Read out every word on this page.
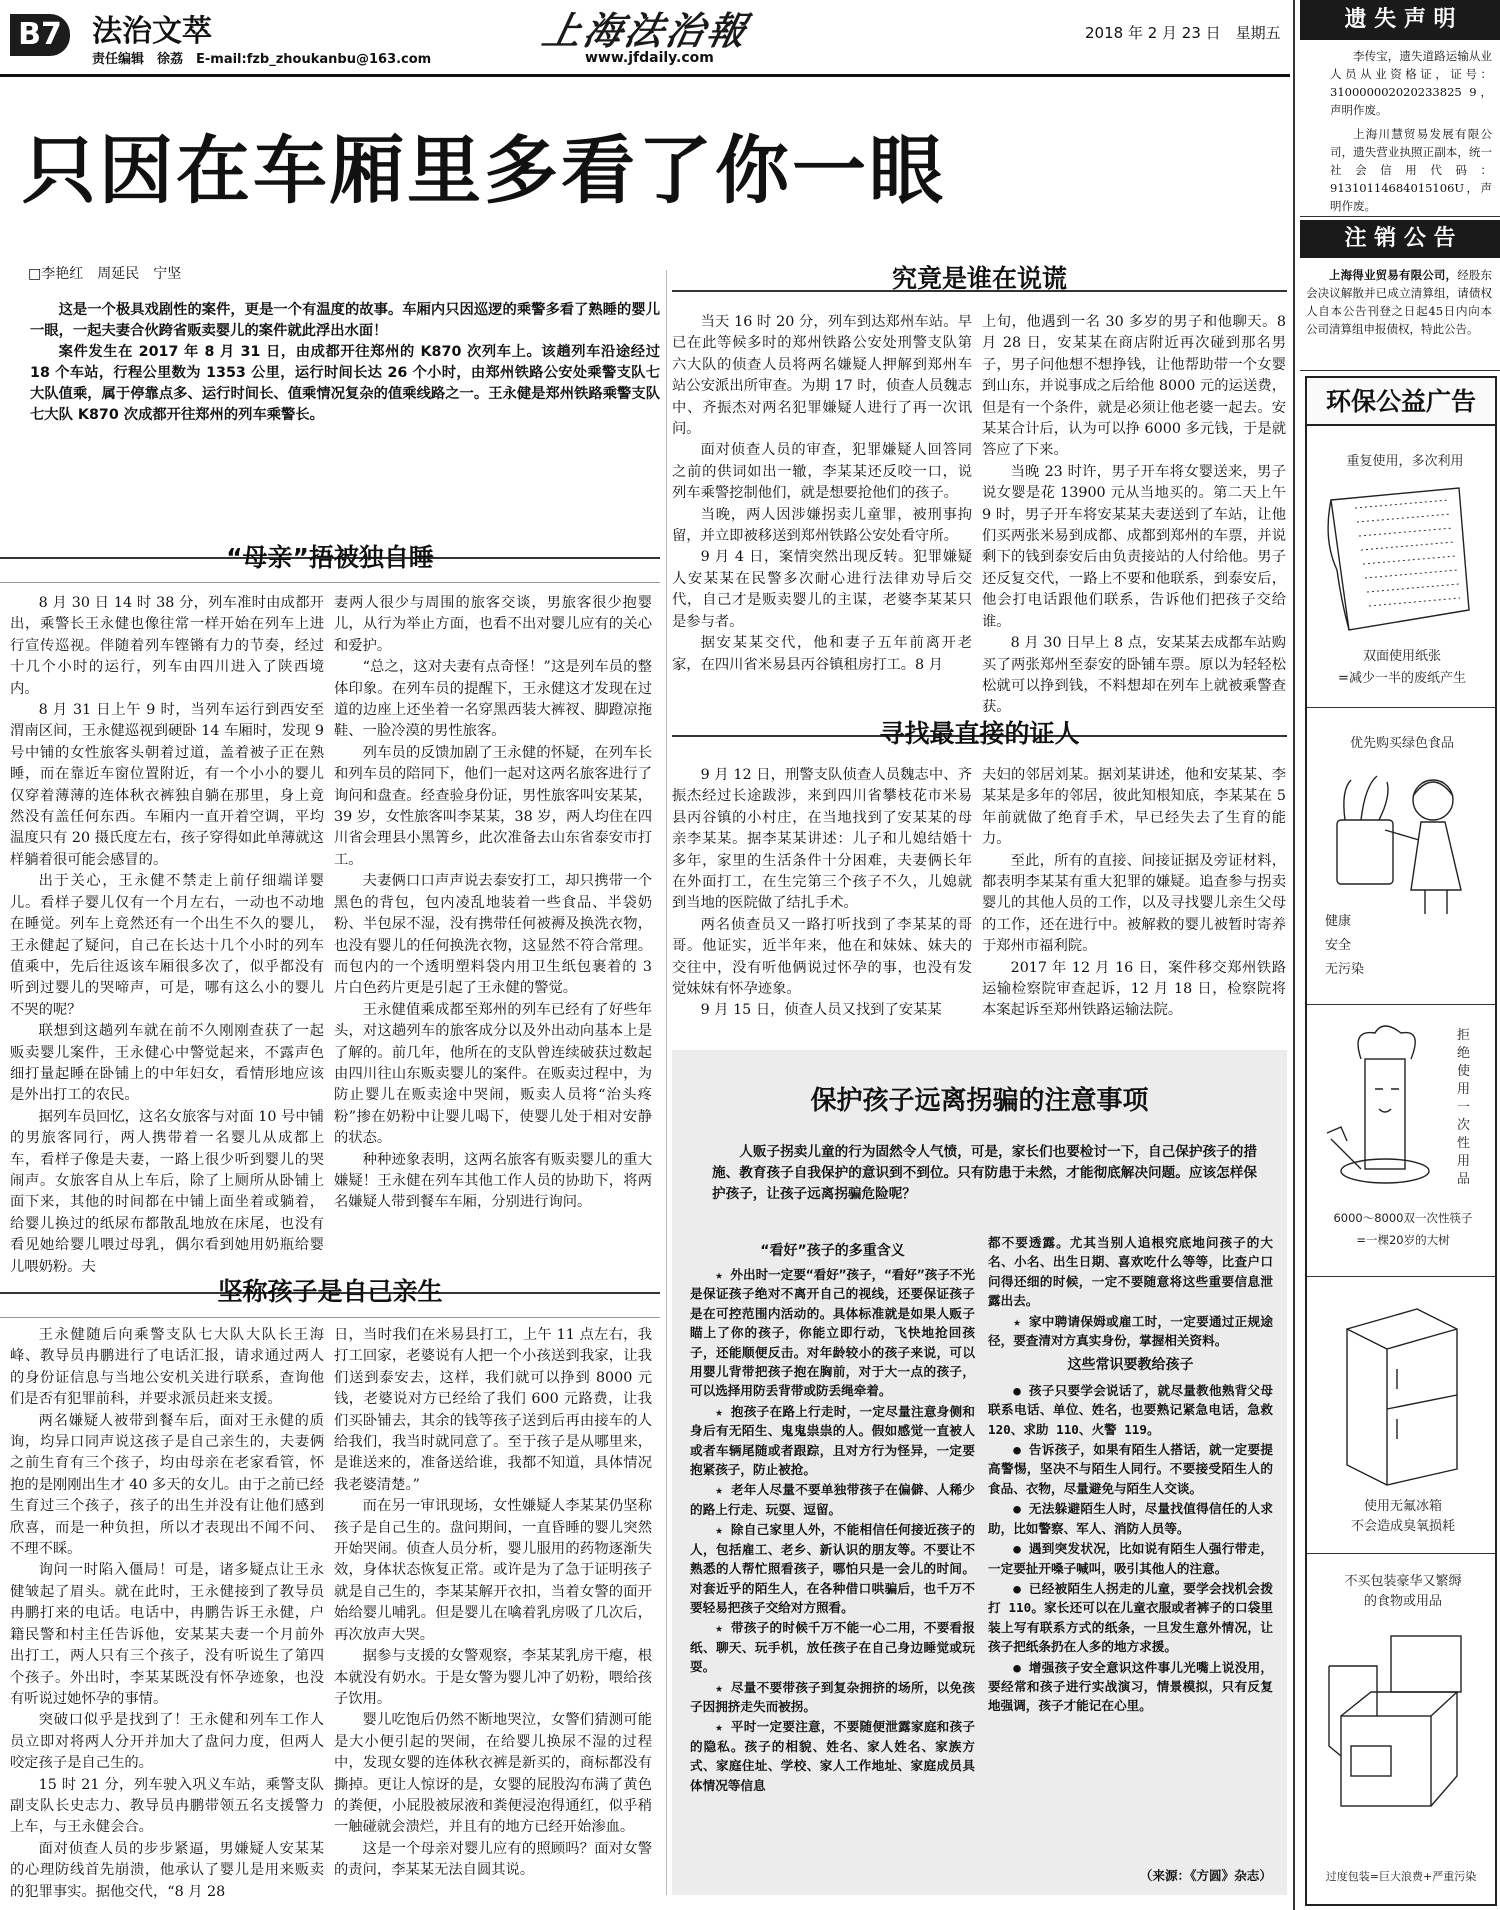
B7 法治文萃
责任编辑　徐荔　E-mail:fzb_zhoukanbu@163.com
上海法治報
www.jfdaily.com
2018 年 2 月 23 日　星期五
只因在车厢里多看了你一眼
□李艳红　周延民　宁坚

这是一个极具戏剧性的案件，更是一个有温度的故事。车厢内只因巡逻的乘警多看了熟睡的婴儿一眼，一起夫妻合伙跨省贩卖婴儿的案件就此浮出水面！

案件发生在 2017 年 8 月 31 日，由成都开往郑州的 K870 次列车上。该趟列车沿途经过 18 个车站，行程公里数为 1353 公里，运行时间长达 26 个小时，由郑州铁路公安处乘警支队七大队值乘，属于停靠点多、运行时间长、值乘情况复杂的值乘线路之一。王永健是郑州铁路乘警支队七大队 K870 次成都开往郑州的列车乘警长。

“母亲”捂被独自睡

8 月 30 日 14 时 38 分，列车准时由成都开出，乘警长王永健也像往常一样开始在列车上进行宣传巡视。伴随着列车铿锵有力的节奏，经过十几个小时的运行，列车由四川进入了陕西境内。

8 月 31 日上午 9 时，当列车运行到西安至渭南区间，王永健巡视到硬卧 14 车厢时，发现 9 号中铺的女性旅客头朝着过道，盖着被子正在熟睡，而在靠近车窗位置附近，有一个小小的婴儿仅穿着薄薄的连体秋衣裤独自躺在那里，身上竟然没有盖任何东西。车厢内一直开着空调，平均温度只有 20 摄氏度左右，孩子穿得如此单薄就这样躺着很可能会感冒的。

出于关心，王永健不禁走上前仔细端详婴儿。看样子婴儿仅有一个月左右，一动也不动地在睡觉。列车上竟然还有一个出生不久的婴儿，王永健起了疑问，自己在长达十几个小时的列车值乘中，先后往返该车厢很多次了，似乎都没有听到过婴儿的哭啼声，可是，哪有这么小的婴儿不哭的呢？

联想到这趟列车就在前不久刚刚查获了一起贩卖婴儿案件，王永健心中警觉起来，不露声色细打量起睡在卧铺上的中年妇女，看情形地应该是外出打工的农民。

据列车员回忆，这名女旅客与对面 10 号中铺的男旅客同行，两人携带着一名婴儿从成都上车，看样子像是夫妻，一路上很少听到婴儿的哭闹声。女旅客自从上车后，除了上厕所从卧铺上面下来，其他的时间都在中铺上面坐着或躺着，给婴儿换过的纸尿布都散乱地放在床尾，也没有看见她给婴儿喂过母乳，偶尔看到她用奶瓶给婴儿喂奶粉。夫

妻两人很少与周围的旅客交谈，男旅客很少抱婴儿，从行为举止方面，也看不出对婴儿应有的关心和爱护。

“总之，这对夫妻有点奇怪！”这是列车员的整体印象。在列车员的提醒下，王永健这才发现在过道的边座上还坐着一名穿黑西装大裤衩、脚蹬凉拖鞋、一脸冷漠的男性旅客。

列车员的反馈加剧了王永健的怀疑，在列车长和列车员的陪同下，他们一起对这两名旅客进行了询问和盘查。经查验身份证，男性旅客叫安某某，39 岁，女性旅客叫李某某，38 岁，两人均住在四川省会理县小黑箐乡，此次准备去山东省泰安市打工。

夫妻俩口口声声说去泰安打工，却只携带一个黑色的背包，包内凌乱地装着一些食品、半袋奶粉、半包尿不湿，没有携带任何被褥及换洗衣物，也没有婴儿的任何换洗衣物，这显然不符合常理。而包内的一个透明塑料袋内用卫生纸包裹着的 3 片白色药片更是引起了王永健的警觉。

王永健值乘成都至郑州的列车已经有了好些年头，对这趟列车的旅客成分以及外出动向基本上是了解的。前几年，他所在的支队曾连续破获过数起由四川往山东贩卖婴儿的案件。在贩卖过程中，为防止婴儿在贩卖途中哭闹，贩卖人员将“治头疼粉”掺在奶粉中让婴儿喝下，使婴儿处于相对安静的状态。

种种迹象表明，这两名旅客有贩卖婴儿的重大嫌疑！王永健在列车其他工作人员的协助下，将两名嫌疑人带到餐车车厢，分别进行询问。

坚称孩子是自己亲生

王永健随后向乘警支队七大队大队长王海峰、教导员冉鹏进行了电话汇报，请求通过两人的身份证信息与当地公安机关进行联系，查询他们是否有犯罪前科，并要求派员赶来支援。

两名嫌疑人被带到餐车后，面对王永健的质询，均异口同声说这孩子是自己亲生的，夫妻俩之前生育有三个孩子，均由母亲在老家看管，怀抱的是刚刚出生才 40 多天的女儿。由于之前已经生育过三个孩子，孩子的出生并没有让他们感到欣喜，而是一种负担，所以才表现出不闻不问、不理不睬。

询问一时陷入僵局！可是，诸多疑点让王永健皱起了眉头。就在此时，王永健接到了教导员冉鹏打来的电话。电话中，冉鹏告诉王永健，户籍民警和村主任告诉他，安某某夫妻一个月前外出打工，两人只有三个孩子，没有听说生了第四个孩子。外出时，李某某既没有怀孕迹象，也没有听说过她怀孕的事情。

突破口似乎是找到了！王永健和列车工作人员立即对将两人分开并加大了盘问力度，但两人咬定孩子是自己生的。

15 时 21 分，列车驶入巩义车站，乘警支队副支队长史志力、教导员冉鹏带领五名支援警力上车，与王永健会合。

面对侦查人员的步步紧逼，男嫌疑人安某某的心理防线首先崩溃，他承认了婴儿是用来贩卖的犯罪事实。据他交代，“8 月 28

日，当时我们在米易县打工，上午 11 点左右，我打工回家，老婆说有人把一个小孩送到我家，让我们送到泰安去，这样，我们就可以挣到 8000 元钱，老婆说对方已经给了我们 600 元路费，让我们买卧铺去，其余的钱等孩子送到后再由接车的人给我们，我当时就同意了。至于孩子是从哪里来，是谁送来的，准备送给谁，我都不知道，具体情况我老婆清楚。”

而在另一审讯现场，女性嫌疑人李某某仍坚称孩子是自己生的。盘问期间，一直昏睡的婴儿突然开始哭闹。侦查人员分析，婴儿服用的药物逐渐失效，身体状态恢复正常。或许是为了急于证明孩子就是自己生的，李某某解开衣扣，当着女警的面开始给婴儿哺乳。但是婴儿在噙着乳房吸了几次后，再次放声大哭。

据参与支援的女警观察，李某某乳房干瘪，根本就没有奶水。于是女警为婴儿冲了奶粉，喂给孩子饮用。

婴儿吃饱后仍然不断地哭泣，女警们猜测可能是大小便引起的哭闹，在给婴儿换尿不湿的过程中，发现女婴的连体秋衣裤是新买的，商标都没有撕掉。更让人惊讶的是，女婴的屁股沟布满了黄色的粪便，小屁股被尿液和粪便浸泡得通红，似乎稍一触碰就会溃烂，并且有的地方已经开始渗血。

这是一个母亲对婴儿应有的照顾吗？面对女警的责问，李某某无法自圆其说。

究竟是谁在说谎

当天 16 时 20 分，列车到达郑州车站。早已在此等候多时的郑州铁路公安处刑警支队第六大队的侦查人员将两名嫌疑人押解到郑州车站公安派出所审查。为期 17 时，侦查人员魏志中、齐振杰对两名犯罪嫌疑人进行了再一次讯问。

面对侦查人员的审查，犯罪嫌疑人回答同之前的供词如出一辙，李某某还反咬一口，说列车乘警挖制他们，就是想要抢他们的孩子。

当晚，两人因涉嫌拐卖儿童罪，被刑事拘留，并立即被移送到郑州铁路公安处看守所。

9 月 4 日，案情突然出现反转。犯罪嫌疑人安某某在民警多次耐心进行法律劝导后交代，自己才是贩卖婴儿的主谋，老婆李某某只是参与者。

据安某某交代，他和妻子五年前离开老家，在四川省米易县丙谷镇租房打工。8 月

上旬，他遇到一名 30 多岁的男子和他聊天。8 月 28 日，安某某在商店附近再次碰到那名男子，男子问他想不想挣钱，让他帮助带一个女婴到山东，并说事成之后给他 8000 元的运送费，但是有一个条件，就是必须让他老婆一起去。安某某合计后，认为可以挣 6000 多元钱，于是就答应了下来。

当晚 23 时许，男子开车将女婴送来，男子说女婴是花 13900 元从当地买的。第二天上午 9 时，男子开车将安某某夫妻送到了车站，让他们买两张米易到成都、成都到郑州的车票，并说剩下的钱到泰安后由负责接站的人付给他。男子还反复交代，一路上不要和他联系，到泰安后，他会打电话跟他们联系，告诉他们把孩子交给谁。

8 月 30 日早上 8 点，安某某去成都车站购买了两张郑州至泰安的卧铺车票。原以为轻轻松松就可以挣到钱，不料想却在列车上就被乘警查获。

寻找最直接的证人

9 月 12 日，刑警支队侦查人员魏志中、齐振杰经过长途跋涉，来到四川省攀枝花市米易县丙谷镇的小村庄，在当地找到了安某某的母亲李某某。据李某某讲述：儿子和儿媳结婚十多年，家里的生活条件十分困难，夫妻俩长年在外面打工，在生完第三个孩子不久，儿媳就到当地的医院做了结扎手术。

两名侦查员又一路打听找到了李某某的哥哥。他证实，近半年来，他在和妹妹、妹夫的交往中，没有听他俩说过怀孕的事，也没有发觉妹妹有怀孕迹象。

9 月 15 日，侦查人员又找到了安某某

夫妇的邻居刘某。据刘某讲述，他和安某某、李某某是多年的邻居，彼此知根知底，李某某在 5 年前就做了绝育手术，早已经失去了生育的能力。

至此，所有的直接、间接证据及旁证材料，都表明李某某有重大犯罪的嫌疑。追查参与拐卖婴儿的其他人员的工作，以及寻找婴儿亲生父母的工作，还在进行中。被解救的婴儿被暂时寄养于郑州市福利院。

2017 年 12 月 16 日，案件移交郑州铁路运输检察院审查起诉，12 月 18 日，检察院将本案起诉至郑州铁路运输法院。

保护孩子远离拐骗的注意事项
人贩子拐卖儿童的行为固然令人气愤，可是，家长们也要检讨一下，自己保护孩子的措施、教育孩子自我保护的意识到不到位。只有防患于未然，才能彻底解决问题。应该怎样保护孩子，让孩子远离拐骗危险呢？
“看好”孩子的多重含义

★ 外出时一定要“看好”孩子，“看好”孩子不光是保证孩子绝对不离开自己的视线，还要保证孩子是在可控范围内活动的。具体标准就是如果人贩子瞄上了你的孩子，你能立即行动，飞快地抢回孩子，还能顺便反击。对年龄较小的孩子来说，可以用婴儿背带把孩子抱在胸前，对于大一点的孩子，可以选择用防丢背带或防丢绳牵着。

★ 抱孩子在路上行走时，一定尽量注意身侧和身后有无陌生、鬼鬼祟祟的人。假如感觉一直被人或者车辆尾随或者跟踪，且对方行为怪异，一定要抱紧孩子，防止被抢。

★ 老年人尽量不要单独带孩子在偏僻、人稀少的路上行走、玩耍、逗留。

★ 除自己家里人外，不能相信任何接近孩子的人，包括雇工、老乡、新认识的朋友等。不要让不熟悉的人帮忙照看孩子，哪怕只是一会儿的时间。对套近乎的陌生人，在各种借口哄骗后，也千万不要轻易把孩子交给对方照看。

★ 带孩子的时候千万不能一心二用，不要看报纸、聊天、玩手机，放任孩子在自己身边睡觉或玩耍。

★ 尽量不要带孩子到复杂拥挤的场所，以免孩子因拥挤走失而被拐。

★ 平时一定要注意，不要随便泄露家庭和孩子的隐私。孩子的相貌、姓名、家人姓名、家族方式、家庭住址、学校、家人工作地址、家庭成员具体情况等信息

都不要透露。尤其当别人追根究底地问孩子的大名、小名、出生日期、喜欢吃什么等等，比查户口问得还细的时候，一定不要随意将这些重要信息泄露出去。

★ 家中聘请保姆或雇工时，一定要通过正规途径，要查清对方真实身份，掌握相关资料。

这些常识要教给孩子

● 孩子只要学会说话了，就尽量教他熟背父母联系电话、单位、姓名，也要熟记紧急电话，急救 120、求助 110、火警 119。

● 告诉孩子，如果有陌生人搭话，就一定要提高警惕，坚决不与陌生人同行。不要接受陌生人的食品、衣物，尽量避免与陌生人交谈。

● 无法躲避陌生人时，尽量找值得信任的人求助，比如警察、军人、消防人员等。

● 遇到突发状况，比如说有陌生人强行带走，一定要扯开嗓子喊叫，吸引其他人的注意。

● 已经被陌生人拐走的儿童，要学会找机会拨打 110。家长还可以在儿童衣服或者裤子的口袋里装上写有联系方式的纸条，一旦发生意外情况，让孩子把纸条扔在人多的地方求援。

● 增强孩子安全意识这件事儿光嘴上说没用，要经常和孩子进行实战演习，情景模拟，只有反复地强调，孩子才能记在心里。

（来源：《方圆》杂志）
遗 失 声 明

李传宝，遗失道路运输从业人员从业资格证，证号：310000002020233825 9，声明作废。

上海川慧贸易发展有限公司，遗失营业执照正副本，统一社会信用代码：91310114684015106U，声明作废。

注 销 公 告
上海得业贸易有限公司，经股东会决议解散并已成立清算组，请债权人自本公告刊登之日起45日内向本公司清算组申报债权，特此公告。
环保公益广告
重复使用，多次利用
双面使用纸张
=减少一半的废纸产生
优先购买绿色食品
健康
安全
无污染
拒绝使用一次性用品
6000～8000双一次性筷子
=一棵20岁的大树
使用无氟冰箱
不会造成臭氧损耗
不买包装豪华又繁缛
的食物或用品
过度包装=巨大浪费+严重污染
